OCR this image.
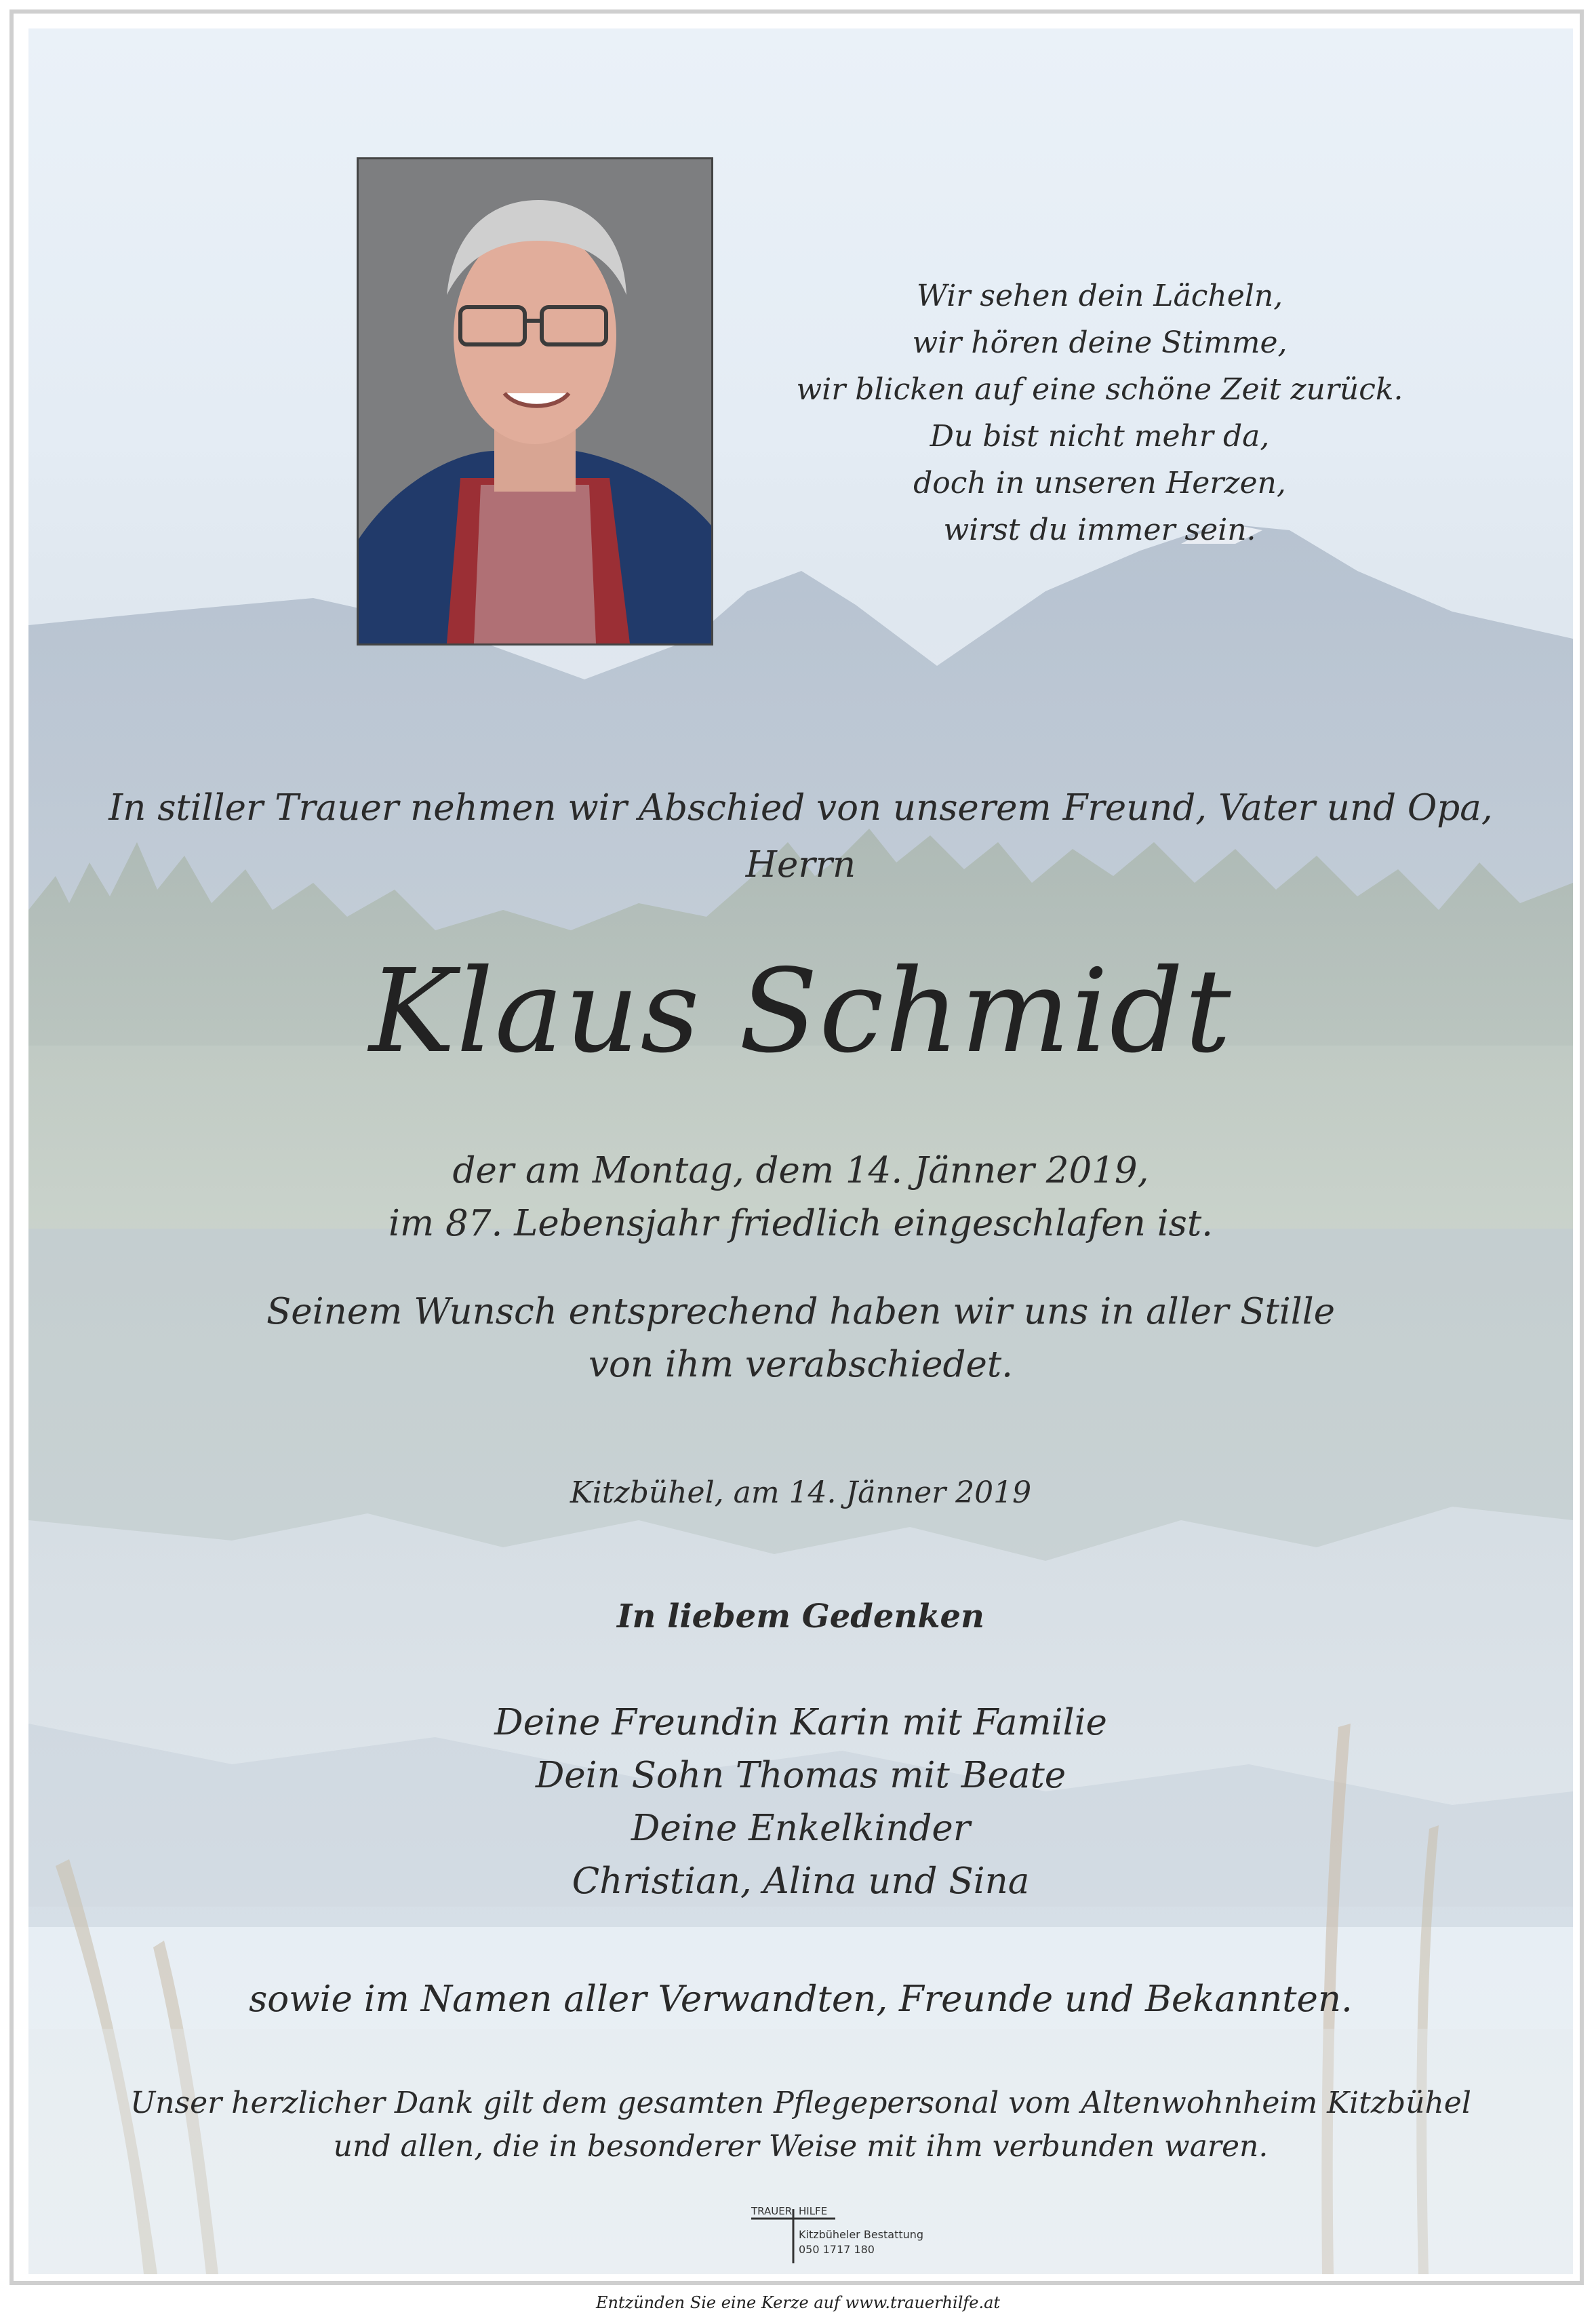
Wir sehen dein Lächeln,
wir hören deine Stimme,
wir blicken auf eine schöne Zeit zurück.
Du bist nicht mehr da,
doch in unseren Herzen,
wirst du immer sein.
In stiller Trauer nehmen wir Abschied von unserem Freund, Vater und Opa,
Herrn
Klaus Schmidt
der am Montag, dem 14. Jänner 2019,
im 87. Lebensjahr friedlich eingeschlafen ist.
Seinem Wunsch entsprechend haben wir uns in aller Stille
von ihm verabschiedet.
Kitzbühel, am 14. Jänner 2019
In liebem Gedenken
Deine Freundin Karin mit Familie
Dein Sohn Thomas mit Beate
Deine Enkelkinder
Christian, Alina und Sina
sowie im Namen aller Verwandten, Freunde und Bekannten.
Unser herzlicher Dank gilt dem gesamten Pflegepersonal vom Altenwohnheim Kitzbühel
und allen, die in besonderer Weise mit ihm verbunden waren.
TRAUER HILFE
Kitzbüheler Bestattung
050 1717 180
Entzünden Sie eine Kerze auf www.trauerhilfe.at
